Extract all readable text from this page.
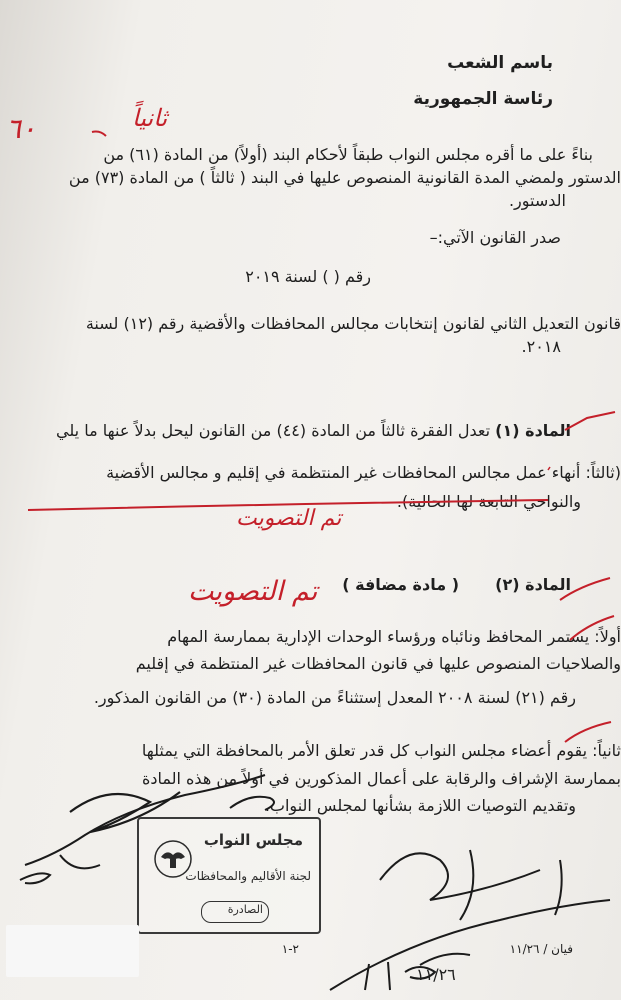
باسم الشعب
رئاسة الجمهورية
بناءً على ما أقره مجلس النواب طبقاً لأحكام البند (أولاً) من المادة (٦١) من
الدستور ولمضي المدة القانونية المنصوص عليها في البند ( ثالثاً ) من المادة (٧٣) من
الدستور.
صدر القانون الآتي:–
رقم ( ) لسنة ٢٠١٩
قانون التعديل الثاني لقانون إنتخابات مجالس المحافظات والأقضية رقم (١٢) لسنة
٢٠١٨.
المادة (١) تعدل الفقرة ثالثاً من المادة (٤٤) من القانون ليحل بدلاً عنها ما يلي
(ثالثاً: أنهاء عمل مجالس المحافظات غير المنتظمة في إقليم و مجالس الأقضية
والنواحي التابعة لها الحالية).
المادة (٢)
( مادة مضافة )
أولاً: يستمر المحافظ ونائباه ورؤساء الوحدات الإدارية بممارسة المهام
والصلاحيات المنصوص عليها في قانون المحافظات غير المنتظمة في إقليم
رقم (٢١) لسنة ٢٠٠٨ المعدل إستثناءً من المادة (٣٠) من القانون المذكور.
ثانياً: يقوم أعضاء مجلس النواب كل قدر تعلق الأمر بالمحافظة التي يمثلها
بممارسة الإشراف والرقابة على أعمال المذكورين في أولاً من هذه المادة
وتقديم التوصيات اللازمة بشأنها لمجلس النواب.
٦٠	ثانياً
تم التصويت
تم التصويت
١١/٢٦
مجلس النواب
لجنة الأقاليم والمحافظات
الصادرة
٢-١	فيان / ١١/٢٦
